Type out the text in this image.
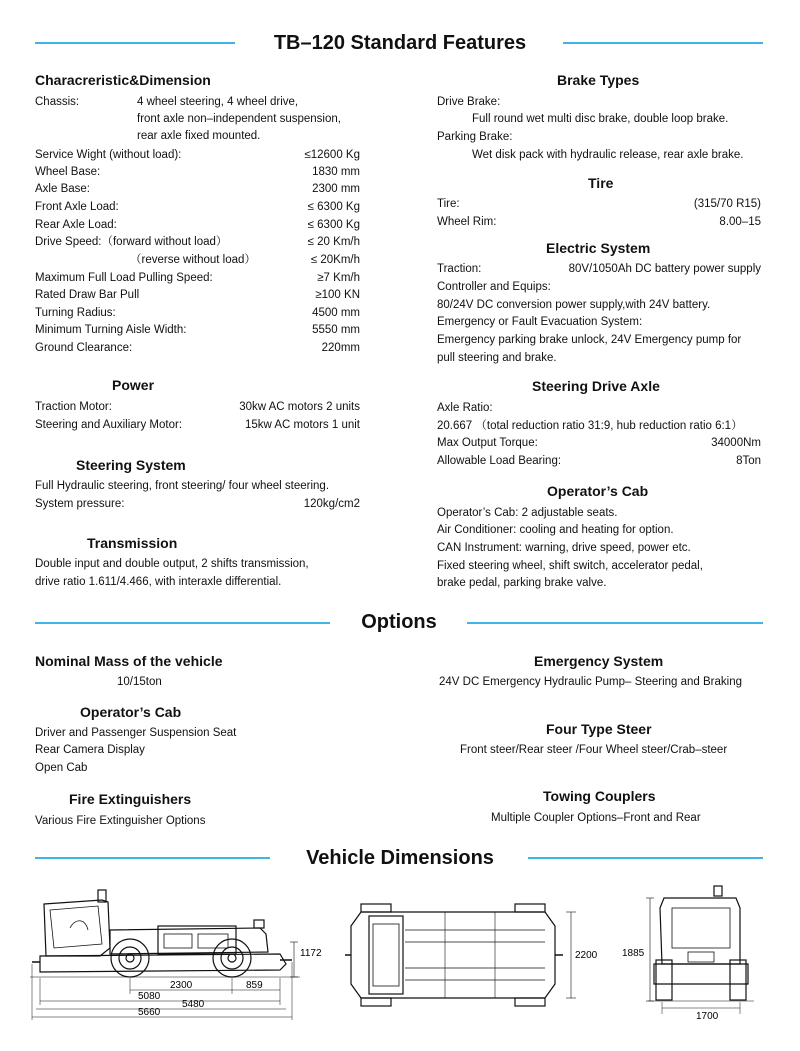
TB–120 Standard Features
Characreristic&Dimension
Chassis:	4 wheel steering, 4 wheel drive,
front axle non–independent suspension,
rear axle fixed mounted.
Service Wight (without load):	≤12600 Kg
Wheel Base:	1830 mm
Axle Base:	2300 mm
Front Axle Load:	≤ 6300 Kg
Rear Axle Load:	≤ 6300 Kg
Drive Speed:（forward without load）	≤ 20 Km/h
（reverse without load）	≤ 20Km/h
Maximum Full Load Pulling Speed:	≥7 Km/h
Rated Draw Bar Pull	≥100 KN
Turning Radius:	4500 mm
Minimum Turning Aisle Width:	5550 mm
Ground Clearance:	220mm
Power
Traction Motor:	30kw AC motors 2 units
Steering and Auxiliary Motor:	15kw AC motors 1 unit
Steering System
Full Hydraulic steering, front steering/ four wheel steering.
System pressure:	120kg/cm2
Transmission
Double input and double output, 2 shifts transmission,
drive ratio 1.611/4.466, with interaxle differential.
Brake Types
Drive Brake:
Full round wet multi disc brake, double loop brake.
Parking Brake:
Wet disk pack with hydraulic release, rear axle brake.
Tire
Tire:	(315/70 R15)
Wheel Rim:	8.00–15
Electric System
Traction:	80V/1050Ah DC battery power supply
Controller and Equips:
80/24V DC conversion power supply,with 24V battery.
Emergency or Fault Evacuation System:
Emergency parking brake unlock, 24V Emergency pump for
pull steering and brake.
Steering Drive Axle
Axle Ratio:
20.667 （total reduction ratio 31:9, hub reduction ratio 6:1）
Max Output Torque:	34000Nm
Allowable Load Bearing:	8Ton
Operator’s Cab
Operator’s Cab: 2 adjustable seats.
Air Conditioner: cooling and heating for option.
CAN Instrument: warning, drive speed, power etc.
Fixed steering wheel, shift switch, accelerator pedal,
brake pedal, parking brake valve.
Options
Nominal Mass of the vehicle
10/15ton
Operator’s Cab
Driver and Passenger Suspension Seat
Rear Camera Display
Open Cab
Fire Extinguishers
Various Fire Extinguisher Options
Emergency System
24V DC Emergency Hydraulic Pump– Steering and Braking
Four Type Steer
Front steer/Rear steer /Four Wheel steer/Crab–steer
Towing Couplers
Multiple Coupler Options–Front and Rear
Vehicle Dimensions
1172
2300	859
5080
5480
5660
2200 1885
1700
